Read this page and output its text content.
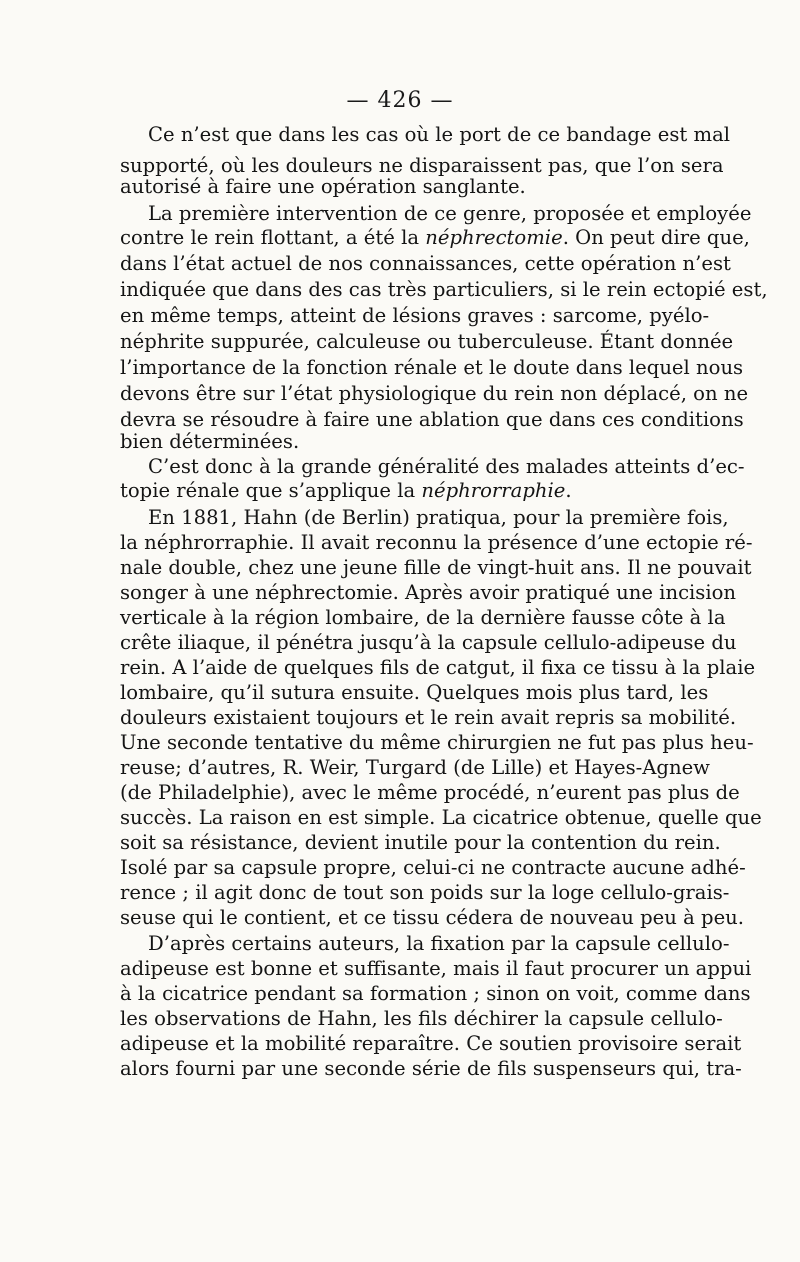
— 426 —
Ce n’est que dans les cas où le port de ce bandage est mal
supporté, où les douleurs ne disparaissent pas, que l’on sera
autorisé à faire une opération sanglante.
La première intervention de ce genre, proposée et employée
contre le rein flottant, a été la néphrectomie. On peut dire que,
dans l’état actuel de nos connaissances, cette opération n’est
indiquée que dans des cas très particuliers, si le rein ectopié est,
en même temps, atteint de lésions graves : sarcome, pyélo-
néphrite suppurée, calculeuse ou tuberculeuse. Étant donnée
l’importance de la fonction rénale et le doute dans lequel nous
devons être sur l’état physiologique du rein non déplacé, on ne
devra se résoudre à faire une ablation que dans ces conditions
bien déterminées.
C’est donc à la grande généralité des malades atteints d’ec-
topie rénale que s’applique la néphrorraphie.
En 1881, Hahn (de Berlin) pratiqua, pour la première fois,
la néphrorraphie. Il avait reconnu la présence d’une ectopie ré-
nale double, chez une jeune fille de vingt-huit ans. Il ne pouvait
songer à une néphrectomie. Après avoir pratiqué une incision
verticale à la région lombaire, de la dernière fausse côte à la
crête iliaque, il pénétra jusqu’à la capsule cellulo-adipeuse du
rein. A l’aide de quelques fils de catgut, il fixa ce tissu à la plaie
lombaire, qu’il sutura ensuite. Quelques mois plus tard, les
douleurs existaient toujours et le rein avait repris sa mobilité.
Une seconde tentative du même chirurgien ne fut pas plus heu-
reuse; d’autres, R. Weir, Turgard (de Lille) et Hayes-Agnew
(de Philadelphie), avec le même procédé, n’eurent pas plus de
succès. La raison en est simple. La cicatrice obtenue, quelle que
soit sa résistance, devient inutile pour la contention du rein.
Isolé par sa capsule propre, celui-ci ne contracte aucune adhé-
rence ; il agit donc de tout son poids sur la loge cellulo-grais-
seuse qui le contient, et ce tissu cédera de nouveau peu à peu.
D’après certains auteurs, la fixation par la capsule cellulo-
adipeuse est bonne et suffisante, mais il faut procurer un appui
à la cicatrice pendant sa formation ; sinon on voit, comme dans
les observations de Hahn, les fils déchirer la capsule cellulo-
adipeuse et la mobilité reparaître. Ce soutien provisoire serait
alors fourni par une seconde série de fils suspenseurs qui, tra-
